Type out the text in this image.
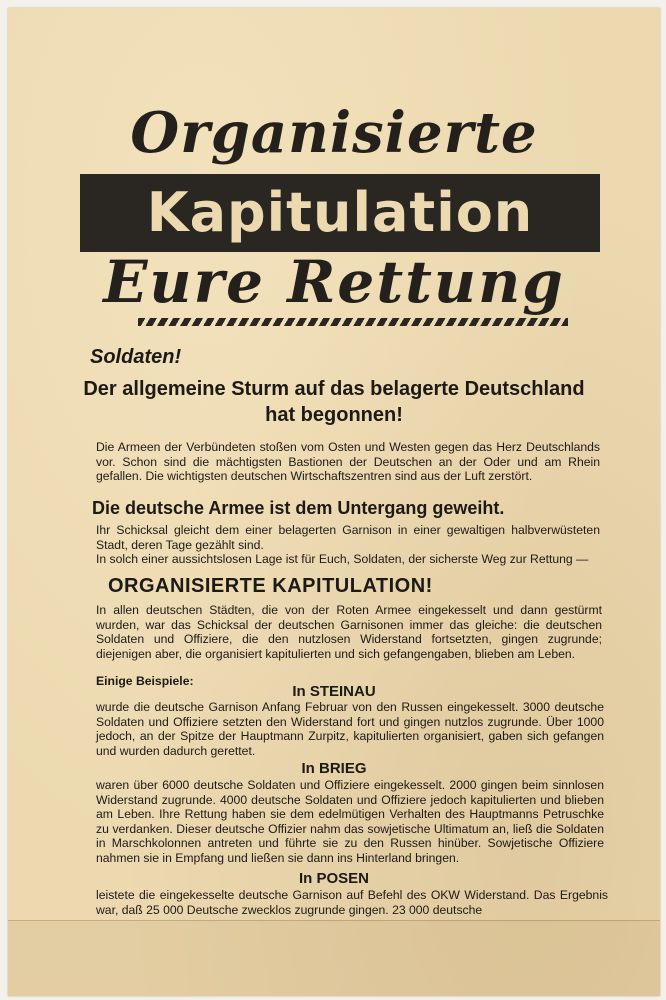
Organisierte
Kapitulation
Eure Rettung
Soldaten!
Der allgemeine Sturm auf das belagerte Deutschland hat begonnen!
Die Armeen der Verbündeten stoßen vom Osten und Westen gegen das Herz Deutschlands vor. Schon sind die mächtigsten Bastionen der Deutschen an der Oder und am Rhein gefallen. Die wichtigsten deutschen Wirtschaftszentren sind aus der Luft zerstört.
Die deutsche Armee ist dem Untergang geweiht.
Ihr Schicksal gleicht dem einer belagerten Garnison in einer gewaltigen halbverwüsteten Stadt, deren Tage gezählt sind.
In solch einer aussichtslosen Lage ist für Euch, Soldaten, der sicherste Weg zur Rettung —
ORGANISIERTE KAPITULATION!
In allen deutschen Städten, die von der Roten Armee eingekesselt und dann gestürmt wurden, war das Schicksal der deutschen Garnisonen immer das gleiche: die deutschen Soldaten und Offiziere, die den nutzlosen Widerstand fortsetzten, gingen zugrunde; diejenigen aber, die organisiert kapitulierten und sich gefangengaben, blieben am Leben.
Einige Beispiele:
In STEINAU
wurde die deutsche Garnison Anfang Februar von den Russen eingekesselt. 3000 deutsche Soldaten und Offiziere setzten den Widerstand fort und gingen nutzlos zugrunde. Über 1000 jedoch, an der Spitze der Hauptmann Zurpitz, kapitulierten organisiert, gaben sich gefangen und wurden dadurch gerettet.
In BRIEG
waren über 6000 deutsche Soldaten und Offiziere eingekesselt. 2000 gingen beim sinnlosen Widerstand zugrunde. 4000 deutsche Soldaten und Offiziere jedoch kapitulierten und blieben am Leben. Ihre Rettung haben sie dem edelmütigen Verhalten des Hauptmanns Petruschke zu verdanken. Dieser deutsche Offizier nahm das sowjetische Ultimatum an, ließ die Soldaten in Marschkolonnen antreten und führte sie zu den Russen hinüber. Sowjetische Offiziere nahmen sie in Empfang und ließen sie dann ins Hinterland bringen.
In POSEN
leistete die eingekesselte deutsche Garnison auf Befehl des OKW Widerstand. Das Ergebnis war, daß 25 000 Deutsche zwecklos zugrunde gingen. 23 000 deutsche
